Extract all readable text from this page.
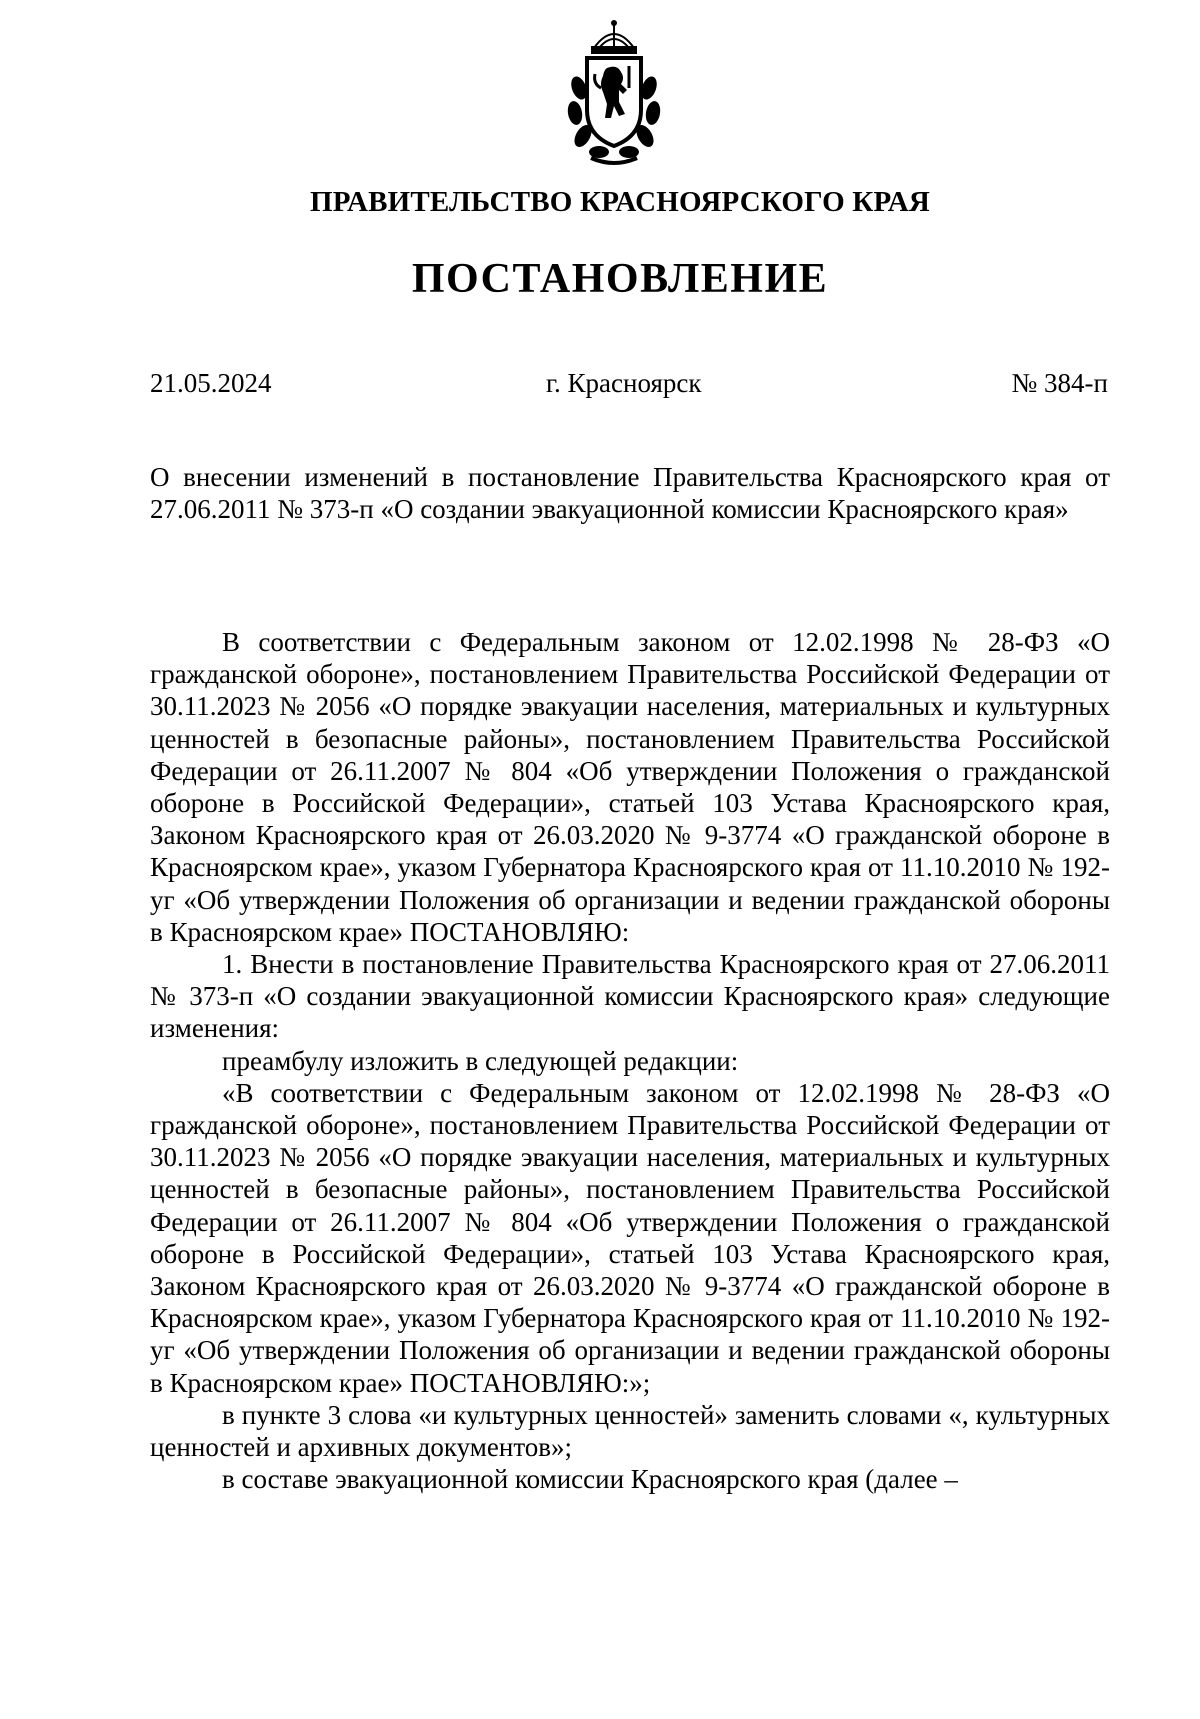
ПРАВИТЕЛЬСТВО КРАСНОЯРСКОГО КРАЯ
ПОСТАНОВЛЕНИЕ
21.05.2024	г. Красноярск	№ 384-п

О внесении изменений в постановление Правительства Красноярского края от 27.06.2011 № 373-п «О создании эвакуационной комиссии Красноярского края»

В соответствии с Федеральным законом от 12.02.1998 № 28-ФЗ «О гражданской обороне», постановлением Правительства Российской Федерации от 30.11.2023 № 2056 «О порядке эвакуации населения, материальных и культурных ценностей в безопасные районы», постановлением Правительства Российской Федерации от 26.11.2007 № 804 «Об утверждении Положения о гражданской обороне в Российской Федерации», статьей 103 Устава Красноярского края, Законом Красноярского края от 26.03.2020 № 9-3774 «О гражданской обороне в Красноярском крае», указом Губернатора Красноярского края от 11.10.2010 № 192-уг «Об утверждении Положения об организации и ведении гражданской обороны в Красноярском крае» ПОСТАНОВЛЯЮ:

1. Внести в постановление Правительства Красноярского края от 27.06.2011 № 373-п «О создании эвакуационной комиссии Красноярского края» следующие изменения:

преамбулу изложить в следующей редакции:

«В соответствии с Федеральным законом от 12.02.1998 № 28-ФЗ «О гражданской обороне», постановлением Правительства Российской Федерации от 30.11.2023 № 2056 «О порядке эвакуации населения, материальных и культурных ценностей в безопасные районы», постановлением Правительства Российской Федерации от 26.11.2007 № 804 «Об утверждении Положения о гражданской обороне в Российской Федерации», статьей 103 Устава Красноярского края, Законом Красноярского края от 26.03.2020 № 9-3774 «О гражданской обороне в Красноярском крае», указом Губернатора Красноярского края от 11.10.2010 № 192-уг «Об утверждении Положения об организации и ведении гражданской обороны в Красноярском крае» ПОСТАНОВЛЯЮ:»;

в пункте 3 слова «и культурных ценностей» заменить словами «, культурных ценностей и архивных документов»;

в составе эвакуационной комиссии Красноярского края (далее –
